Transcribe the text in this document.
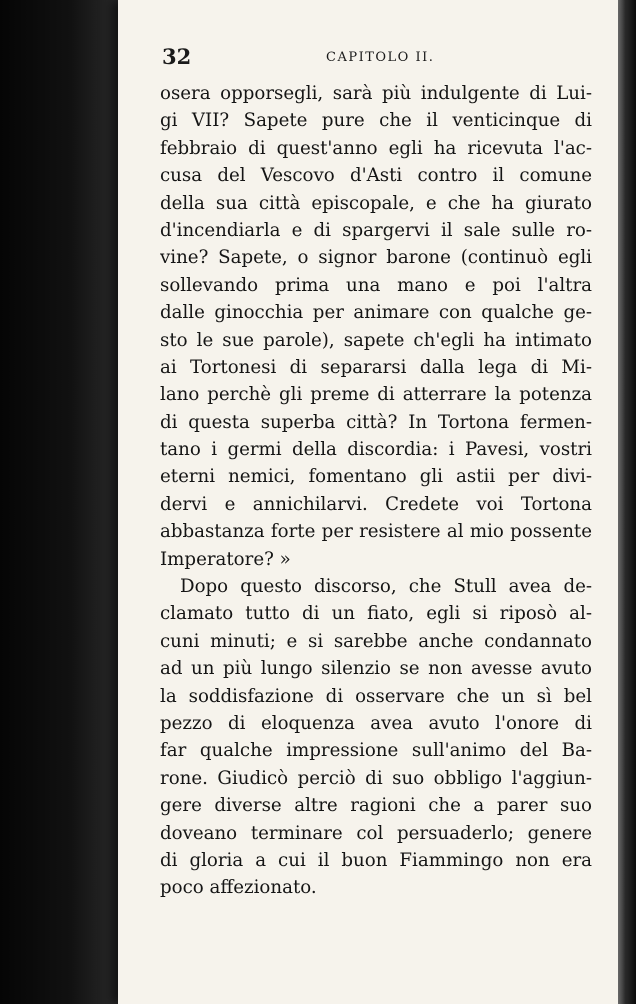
32	CAPITOLO II.
osera opporsegli, sarà più indulgente di Lui-
gi VII? Sapete pure che il venticinque di
febbraio di quest'anno egli ha ricevuta l'ac-
cusa del Vescovo d'Asti contro il comune
della sua città episcopale, e che ha giurato
d'incendiarla e di spargervi il sale sulle ro-
vine? Sapete, o signor barone (continuò egli
sollevando prima una mano e poi l'altra
dalle ginocchia per animare con qualche ge-
sto le sue parole), sapete ch'egli ha intimato
ai Tortonesi di separarsi dalla lega di Mi-
lano perchè gli preme di atterrare la potenza
di questa superba città? In Tortona fermen-
tano i germi della discordia: i Pavesi, vostri
eterni nemici, fomentano gli astii per divi-
dervi e annichilarvi. Credete voi Tortona
abbastanza forte per resistere al mio possente
Imperatore? »
Dopo questo discorso, che Stull avea de-
clamato tutto di un fiato, egli si riposò al-
cuni minuti; e si sarebbe anche condannato
ad un più lungo silenzio se non avesse avuto
la soddisfazione di osservare che un sì bel
pezzo di eloquenza avea avuto l'onore di
far qualche impressione sull'animo del Ba-
rone. Giudicò perciò di suo obbligo l'aggiun-
gere diverse altre ragioni che a parer suo
doveano terminare col persuaderlo; genere
di gloria a cui il buon Fiammingo non era
poco affezionato.
